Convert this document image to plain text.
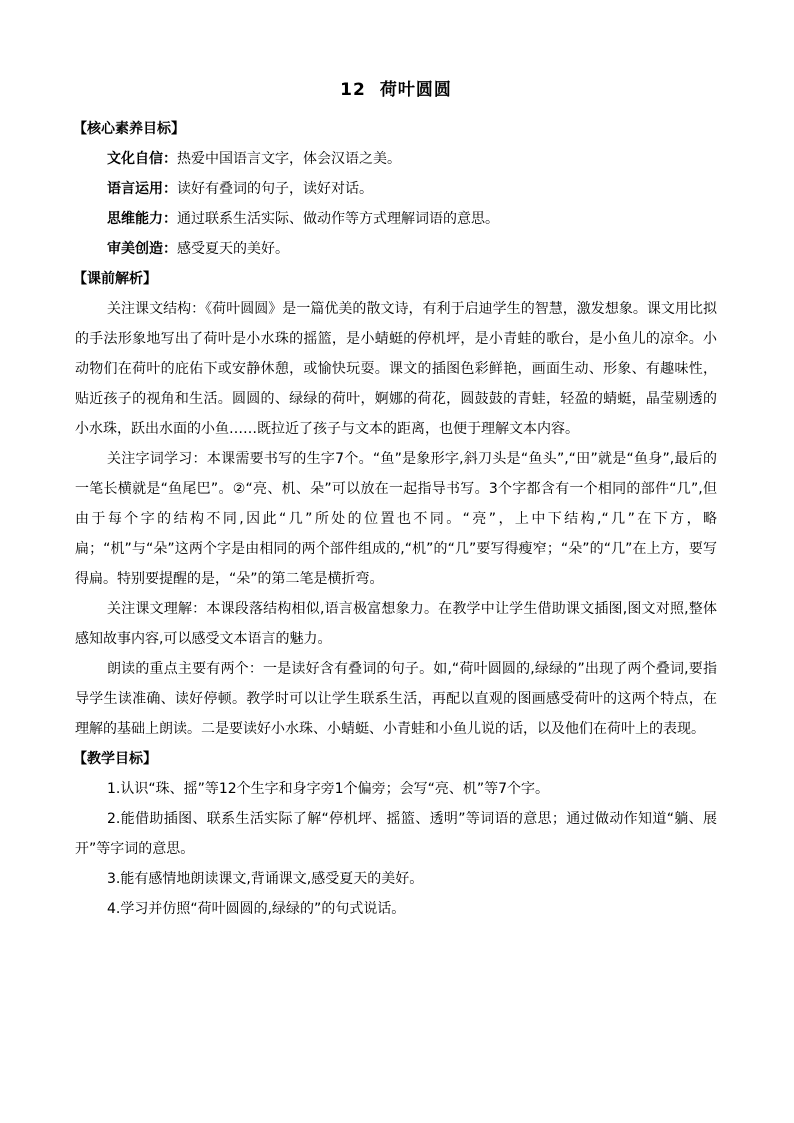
12 荷叶圆圆
【核心素养目标】
文化自信：热爱中国语言文字，体会汉语之美。
语言运用：读好有叠词的句子，读好对话。
思维能力：通过联系生活实际、做动作等方式理解词语的意思。
审美创造：感受夏天的美好。
【课前解析】

关注课文结构：《荷叶圆圆》是一篇优美的散文诗，有利于启迪学生的智慧，激发想象。课文用比拟的手法形象地写出了荷叶是小水珠的摇篮，是小蜻蜓的停机坪，是小青蛙的歌台，是小鱼儿的凉伞。小动物们在荷叶的庇佑下或安静休憩，或愉快玩耍。课文的插图色彩鲜艳，画面生动、形象、有趣味性，贴近孩子的视角和生活。圆圆的、绿绿的荷叶，婀娜的荷花，圆鼓鼓的青蛙，轻盈的蜻蜓，晶莹剔透的小水珠，跃出水面的小鱼……既拉近了孩子与文本的距离，也便于理解文本内容。

关注字词学习：本课需要书写的生字7个。“鱼”是象形字,斜刀头是“鱼头”,“田”就是“鱼身”,最后的一笔长横就是“鱼尾巴”。②“亮、机、朵”可以放在一起指导书写。3个字都含有一个相同的部件“几”,但由于每个字的结构不同,因此“几”所处的位置也不同。“亮”，上中下结构,“几”在下方，略扁；“机”与“朵”这两个字是由相同的两个部件组成的,“机”的“几”要写得瘦窄；“朵”的“几”在上方，要写得扁。特别要提醒的是，“朵”的第二笔是横折弯。

关注课文理解：本课段落结构相似,语言极富想象力。在教学中让学生借助课文插图,图文对照,整体感知故事内容,可以感受文本语言的魅力。

朗读的重点主要有两个：一是读好含有叠词的句子。如,“荷叶圆圆的,绿绿的”出现了两个叠词,要指导学生读准确、读好停顿。教学时可以让学生联系生活，再配以直观的图画感受荷叶的这两个特点，在理解的基础上朗读。二是要读好小水珠、小蜻蜓、小青蛙和小鱼儿说的话，以及他们在荷叶上的表现。

【教学目标】

1.认识“珠、摇”等12个生字和身字旁1个偏旁；会写“亮、机”等7个字。

2.能借助插图、联系生活实际了解“停机坪、摇篮、透明”等词语的意思；通过做动作知道“躺、展开”等字词的意思。

3.能有感情地朗读课文,背诵课文,感受夏天的美好。

4.学习并仿照“荷叶圆圆的,绿绿的”的句式说话。
